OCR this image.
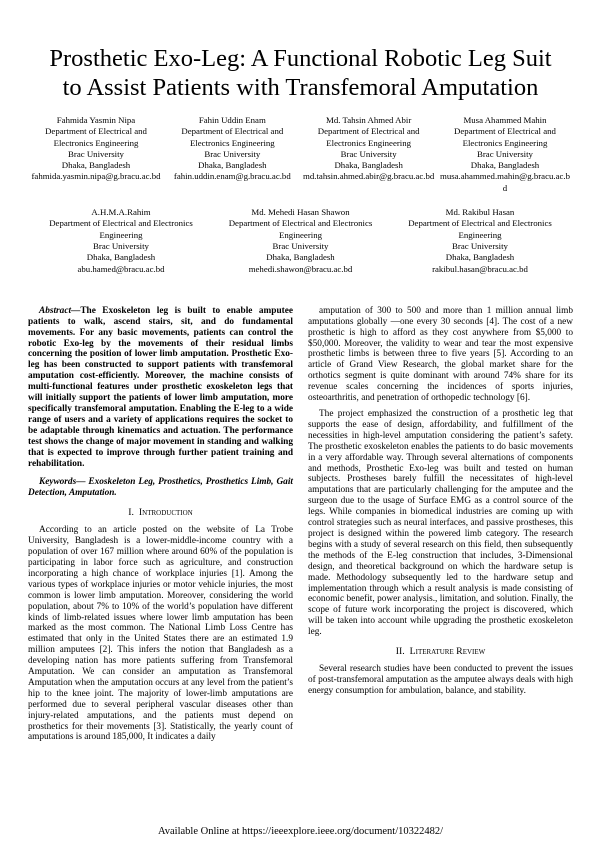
Prosthetic Exo-Leg: A Functional Robotic Leg Suit
to Assist Patients with Transfemoral Amputation
Fahmida Yasmin Nipa
Department of Electrical and Electronics Engineering
Brac University
Dhaka, Bangladesh
fahmida.yasmin.nipa@g.bracu.ac.bd
Fahin Uddin Enam
Department of Electrical and Electronics Engineering
Brac University
Dhaka, Bangladesh
fahin.uddin.enam@g.bracu.ac.bd
Md. Tahsin Ahmed Abir
Department of Electrical and Electronics Engineering
Brac University
Dhaka, Bangladesh
md.tahsin.ahmed.abir@g.bracu.ac.bd
Musa Ahammed Mahin
Department of Electrical and Electronics Engineering
Brac University
Dhaka, Bangladesh
musa.ahammed.mahin@g.bracu.ac.bd
A.H.M.A.Rahim
Department of Electrical and Electronics Engineering
Brac University
Dhaka, Bangladesh
abu.hamed@bracu.ac.bd
Md. Mehedi Hasan Shawon
Department of Electrical and Electronics Engineering
Brac University
Dhaka, Bangladesh
mehedi.shawon@bracu.ac.bd
Md. Rakibul Hasan
Department of Electrical and Electronics Engineering
Brac University
Dhaka, Bangladesh
rakibul.hasan@bracu.ac.bd

Abstract—The Exoskeleton leg is built to enable amputee patients to walk, ascend stairs, sit, and do fundamental movements. For any basic movements, patients can control the robotic Exo-leg by the movements of their residual limbs concerning the position of lower limb amputation. Prosthetic Exo-leg has been constructed to support patients with transfemoral amputation cost-efficiently. Moreover, the machine consists of multi-functional features under prosthetic exoskeleton legs that will initially support the patients of lower limb amputation, more specifically transfemoral amputation. Enabling the E-leg to a wide range of users and a variety of applications requires the socket to be adaptable through kinematics and actuation. The performance test shows the change of major movement in standing and walking that is expected to improve through further patient training and rehabilitation.

Keywords— Exoskeleton Leg, Prosthetics, Prosthetics Limb, Gait Detection, Amputation.

I. Introduction

According to an article posted on the website of La Trobe University, Bangladesh is a lower-middle-income country with a population of over 167 million where around 60% of the population is participating in labor force such as agriculture, and construction incorporating a high chance of workplace injuries [1]. Among the various types of workplace injuries or motor vehicle injuries, the most common is lower limb amputation. Moreover, considering the world population, about 7% to 10% of the world’s population have different kinds of limb-related issues where lower limb amputation has been marked as the most common. The National Limb Loss Centre has estimated that only in the United States there are an estimated 1.9 million amputees [2]. This infers the notion that Bangladesh as a developing nation has more patients suffering from Transfemoral Amputation. We can consider an amputation as Transfemoral Amputation when the amputation occurs at any level from the patient’s hip to the knee joint. The majority of lower-limb amputations are performed due to several peripheral vascular diseases other than injury-related amputations, and the patients must depend on prosthetics for their movements [3]. Statistically, the yearly count of amputations is around 185,000, It indicates a daily

amputation of 300 to 500 and more than 1 million annual limb amputations globally —one every 30 seconds [4]. The cost of a new prosthetic is high to afford as they cost anywhere from $5,000 to $50,000. Moreover, the validity to wear and tear the most expensive prosthetic limbs is between three to five years [5]. According to an article of Grand View Research, the global market share for the orthotics segment is quite dominant with around 74% share for its revenue scales concerning the incidences of sports injuries, osteoarthritis, and penetration of orthopedic technology [6].

The project emphasized the construction of a prosthetic leg that supports the ease of design, affordability, and fulfillment of the necessities in high-level amputation considering the patient’s safety. The prosthetic exoskeleton enables the patients to do basic movements in a very affordable way. Through several alternations of components and methods, Prosthetic Exo-leg was built and tested on human subjects. Prostheses barely fulfill the necessitates of high-level amputations that are particularly challenging for the amputee and the surgeon due to the usage of Surface EMG as a control source of the legs. While companies in biomedical industries are coming up with control strategies such as neural interfaces, and passive prostheses, this project is designed within the powered limb category. The research begins with a study of several research on this field, then subsequently the methods of the E-leg construction that includes, 3-Dimensional design, and theoretical background on which the hardware setup is made. Methodology subsequently led to the hardware setup and implementation through which a result analysis is made consisting of economic benefit, power analysis., limitation, and solution. Finally, the scope of future work incorporating the project is discovered, which will be taken into account while upgrading the prosthetic exoskeleton leg.

II. Literature Review

Several research studies have been conducted to prevent the issues of post-transfemoral amputation as the amputee always deals with high energy consumption for ambulation, balance, and stability.

Available Online at https://ieeexplore.ieee.org/document/10322482/
